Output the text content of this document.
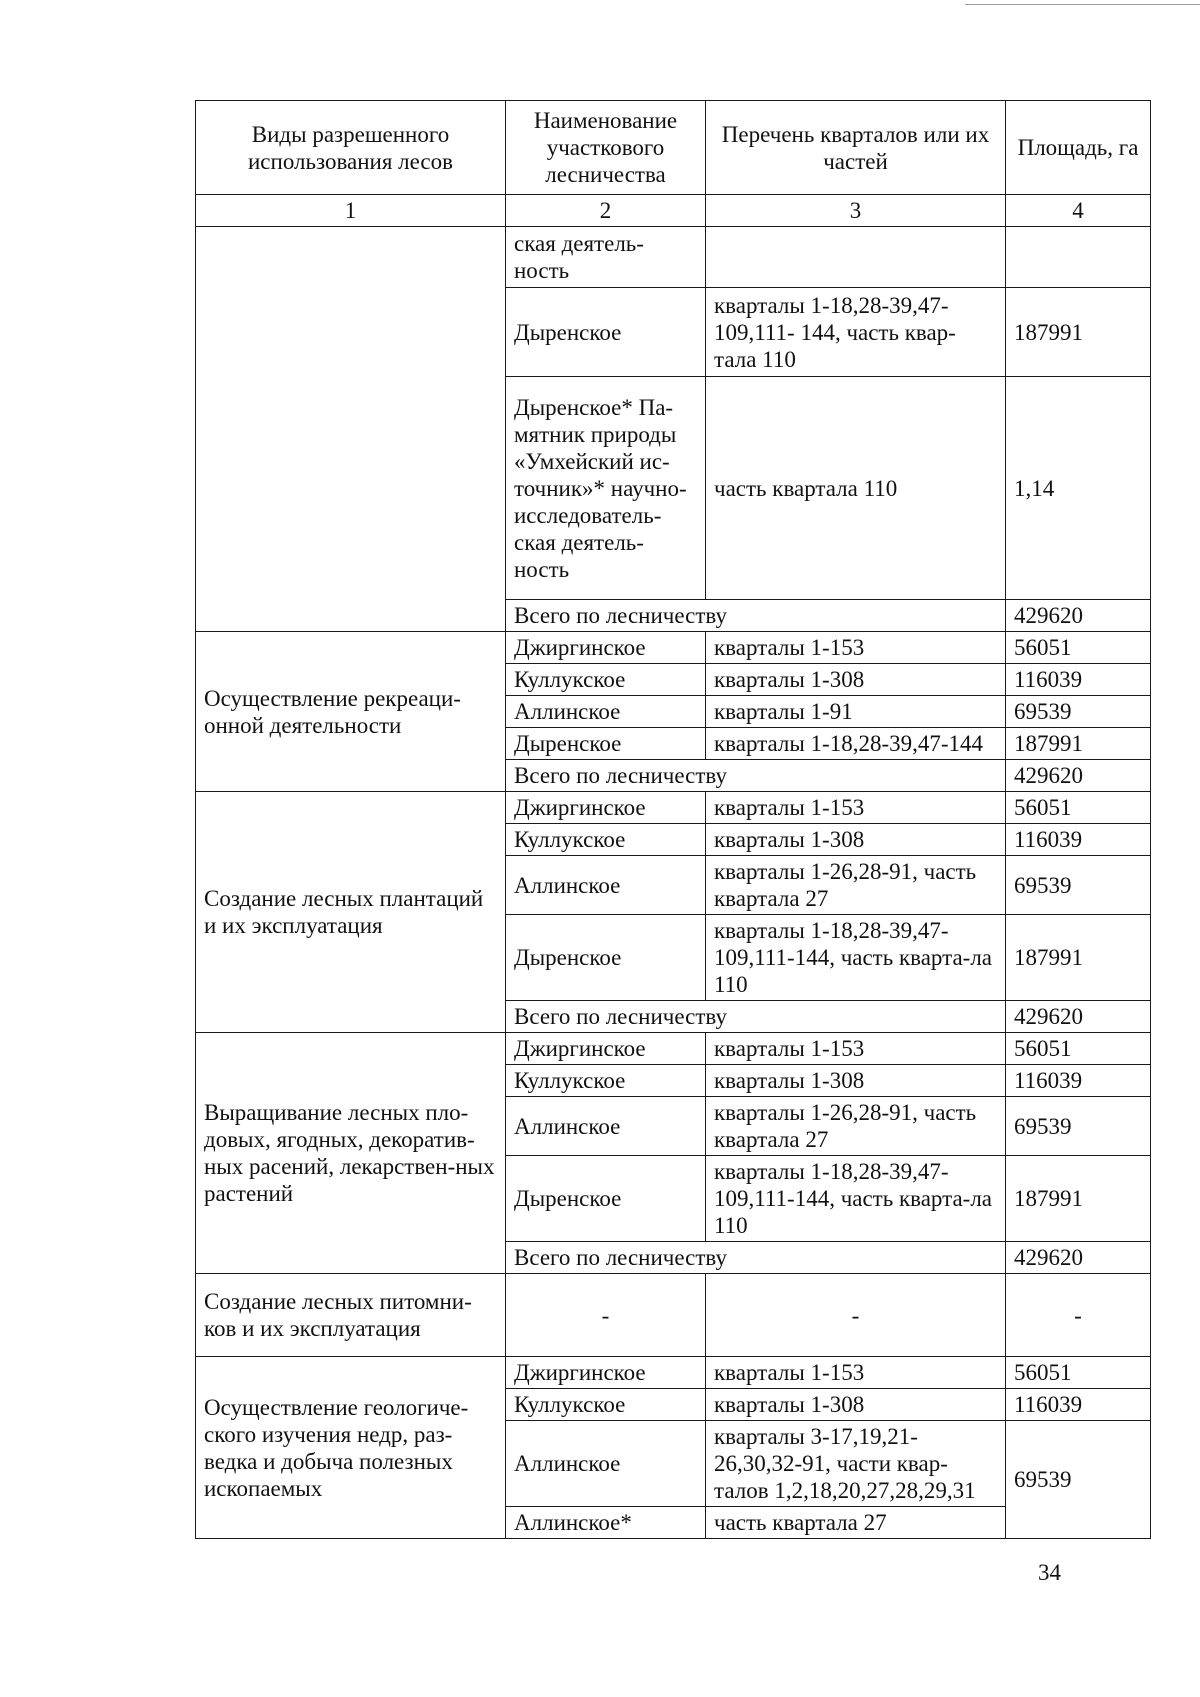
Виды разрешенного использования лесов	Наименование участкового лесничества	Перечень кварталов или их частей	Площадь, га
1	2	3	4
	ская деятель-ность		
	Дыренское	кварталы 1-18,28-39,47-109,111- 144, часть квар-тала 110	187991
	Дыренское* Па-мятник природы «Умхейский ис-точник»* научно-исследователь-ская деятель-ность	часть квартала 110	1,14
	Всего по лесничеству		429620
Осуществление рекреаци-онной деятельности	Джиргинское	кварталы 1-153	56051
	Куллукское	кварталы 1-308	116039
	Аллинское	кварталы 1-91	69539
	Дыренское	кварталы 1-18,28-39,47-144	187991
	Всего по лесничеству		429620
Создание лесных плантаций и их эксплуатация	Джиргинское	кварталы 1-153	56051
	Куллукское	кварталы 1-308	116039
	Аллинское	кварталы 1-26,28-91, часть квартала 27	69539
	Дыренское	кварталы 1-18,28-39,47-109,111-144, часть кварта-ла 110	187991
	Всего по лесничеству		429620
Выращивание лесных пло-довых, ягодных, декоратив-ных расений, лекарствен-ных растений	Джиргинское	кварталы 1-153	56051
	Куллукское	кварталы 1-308	116039
	Аллинское	кварталы 1-26,28-91, часть квартала 27	69539
	Дыренское	кварталы 1-18,28-39,47-109,111-144, часть кварта-ла 110	187991
	Всего по лесничеству		429620
Создание лесных питомни-ков и их эксплуатация	-	-	-
Осуществление геологиче-ского изучения недр, раз-ведка и добыча полезных ископаемых	Джиргинское	кварталы 1-153	56051
	Куллукское	кварталы 1-308	116039
	Аллинское	кварталы 3-17,19,21-26,30,32-91, части квар-талов 1,2,18,20,27,28,29,31	69539
	Аллинское*	часть квартала 27	
34
